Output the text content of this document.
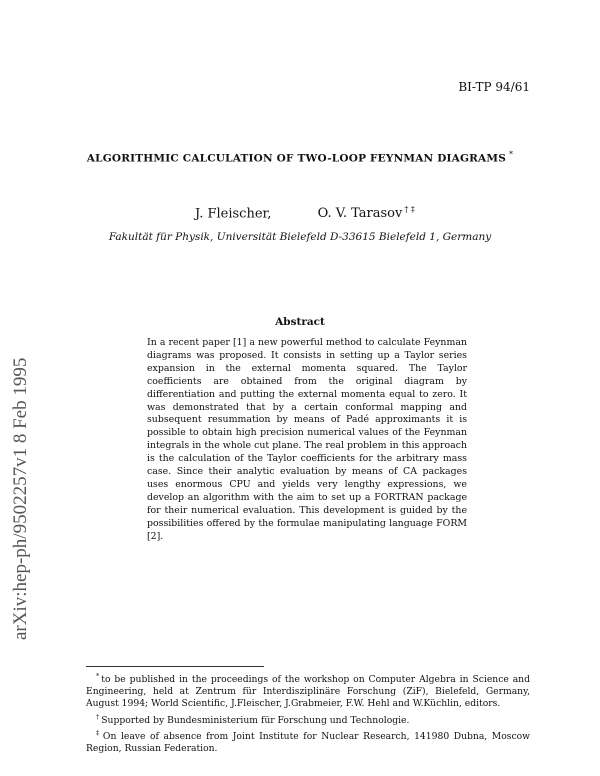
BI-TP 94/61
ALGORITHMIC CALCULATION OF TWO-LOOP FEYNMAN DIAGRAMS *
J. Fleischer,	O. V. Tarasov † ‡
Fakultät für Physik, Universität Bielefeld D-33615 Bielefeld 1, Germany
arXiv:hep-ph/9502257v1 8 Feb 1995
Abstract
In a recent paper [1] a new powerful method to calculate Feynman diagrams was proposed. It consists in setting up a Taylor series expansion in the external momenta squared. The Taylor coefficients are obtained from the original diagram by differentiation and putting the external momenta equal to zero. It was demonstrated that by a certain conformal mapping and subsequent resummation by means of Padé approximants it is possible to obtain high precision numerical values of the Feynman integrals in the whole cut plane. The real problem in this approach is the calculation of the Taylor coefficients for the arbitrary mass case. Since their analytic evaluation by means of CA packages uses enormous CPU and yields very lengthy expressions, we develop an algorithm with the aim to set up a FORTRAN package for their numerical evaluation. This development is guided by the possibilities offered by the formulae manipulating language FORM [2].

* to be published in the proceedings of the workshop on Computer Algebra in Science and Engineering, held at Zentrum für Interdisziplinäre Forschung (ZiF), Bielefeld, Germany, August 1994; World Scientific, J.Fleischer, J.Grabmeier, F.W. Hehl and W.Küchlin, editors.

† Supported by Bundesministerium für Forschung und Technologie.

‡ On leave of absence from Joint Institute for Nuclear Research, 141980 Dubna, Moscow Region, Russian Federation.
